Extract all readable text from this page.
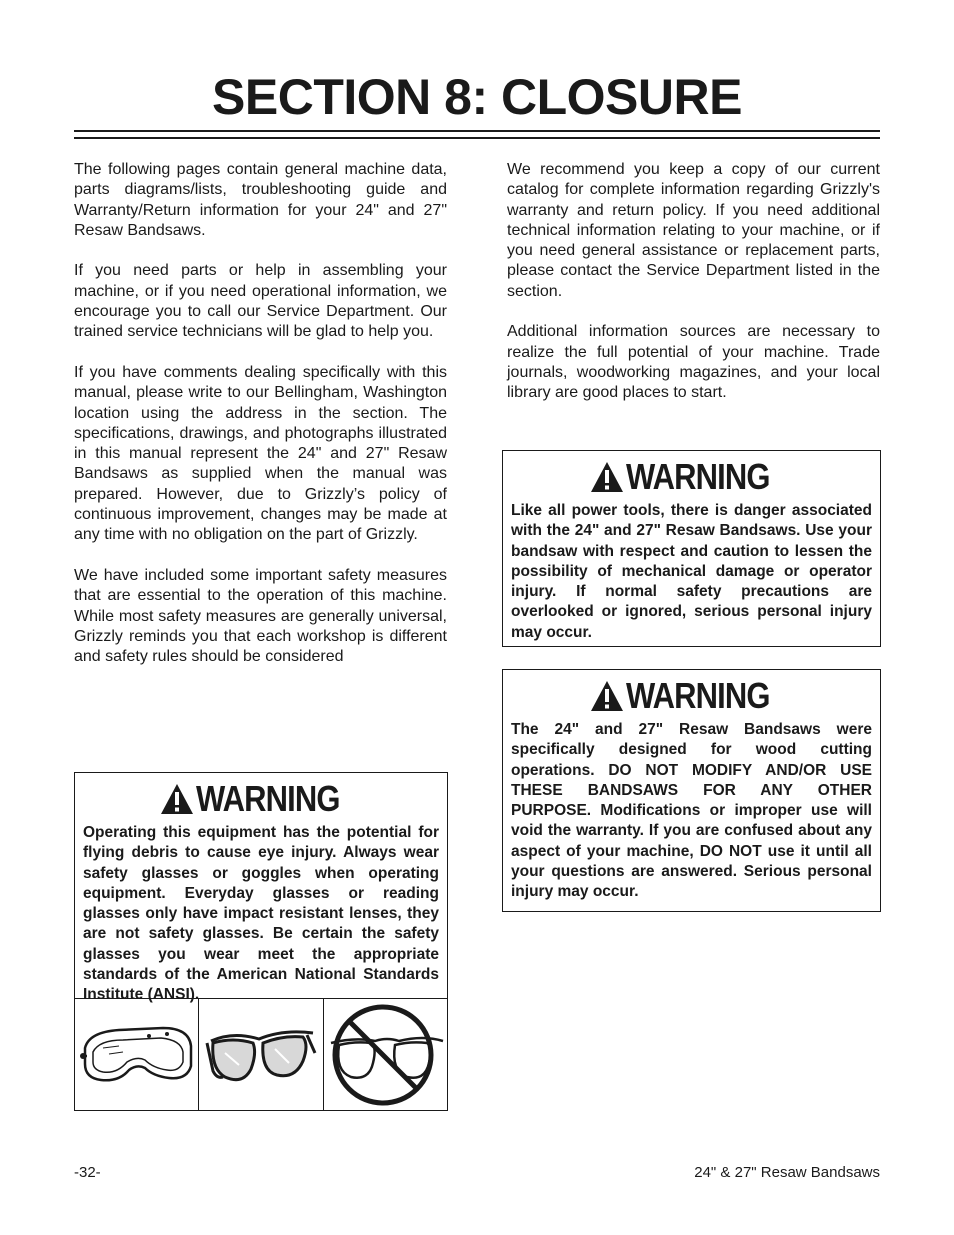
SECTION 8: CLOSURE

The following pages contain general machine data, parts diagrams/lists, troubleshooting guide and Warranty/Return information for your 24" and 27" Resaw Bandsaws.

If you need parts or help in assembling your machine, or if you need operational information, we encourage you to call our Service Department. Our trained service technicians will be glad to help you.

If you have comments dealing specifically with this manual, please write to our Bellingham, Washington location using the address in the section. The specifications, drawings, and photographs illustrated in this manual represent the 24" and 27" Resaw Bandsaws as supplied when the manual was prepared. However, due to Grizzly’s policy of continuous improvement, changes may be made at any time with no obligation on the part of Grizzly.

We have included some important safety measures that are essential to the operation of this machine. While most safety measures are generally universal, Grizzly reminds you that each workshop is different and safety rules should be considered

We recommend you keep a copy of our current catalog for complete information regarding Grizzly's warranty and return policy. If you need additional technical information relating to your machine, or if you need general assistance or replacement parts, please contact the Service Department listed in the section.

Additional information sources are necessary to realize the full potential of your machine. Trade journals, woodworking magazines, and your local library are good places to start.

WARNING

Operating this equipment has the potential for flying debris to cause eye injury. Always wear safety glasses or goggles when operating equipment. Everyday glasses or reading glasses only have impact resistant lenses, they are not safety glasses. Be certain the safety glasses you wear meet the appropriate standards of the American National Standards Institute (ANSI).

WARNING

Like all power tools, there is danger associated with the 24" and 27" Resaw Bandsaws. Use your bandsaw with respect and caution to lessen the possibility of mechanical damage or operator injury. If normal safety precautions are overlooked or ignored, serious personal injury may occur.

WARNING

The 24" and 27" Resaw Bandsaws were specifically designed for wood cutting operations. DO NOT MODIFY AND/OR USE THESE BANDSAWS FOR ANY OTHER PURPOSE. Modifications or improper use will void the warranty. If you are confused about any aspect of your machine, DO NOT use it until all your questions are answered. Serious personal injury may occur.

-32-	24" & 27" Resaw Bandsaws
